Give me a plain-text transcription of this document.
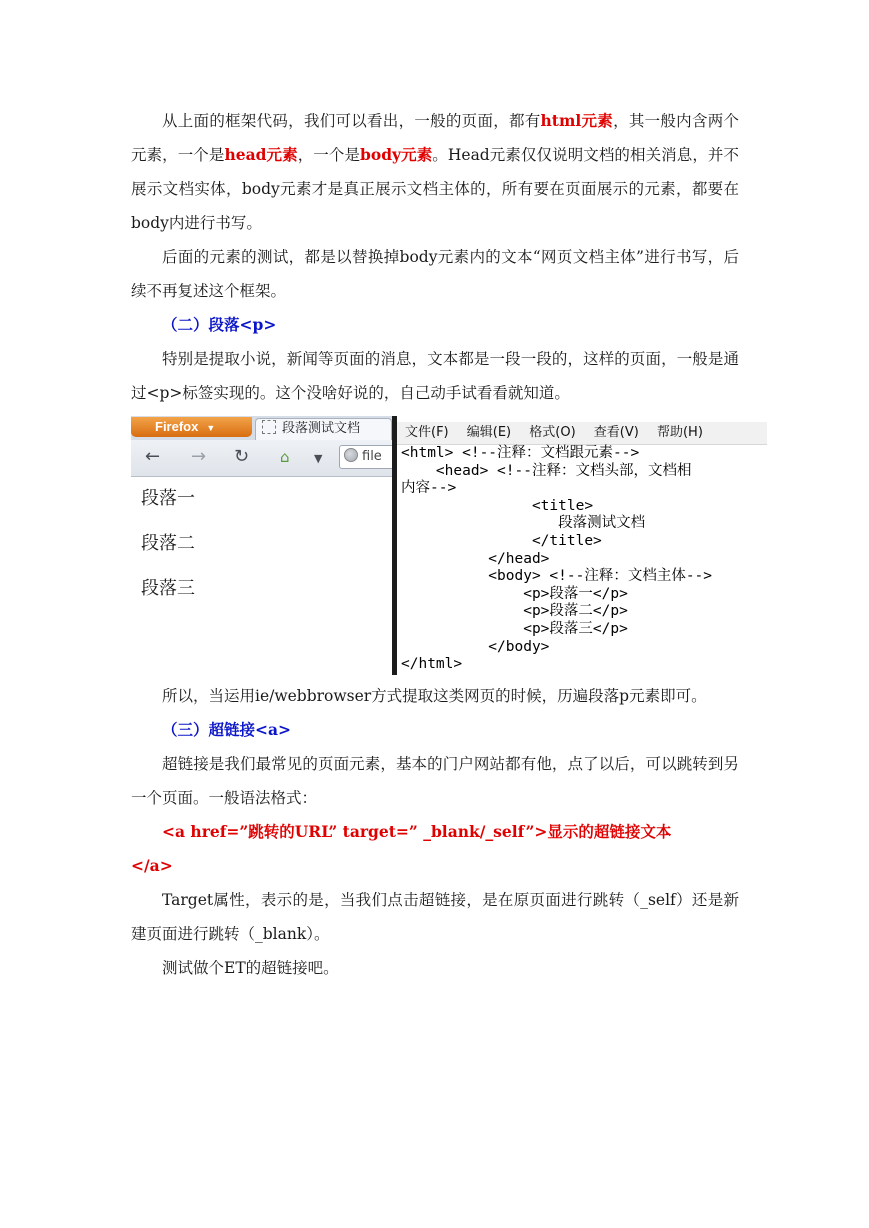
从上面的框架代码，我们可以看出，一般的页面，都有html元素，其一般内含两个元素，一个是head元素，一个是body元素。Head元素仅仅说明文档的相关消息，并不展示文档实体，body元素才是真正展示文档主体的，所有要在页面展示的元素，都要在body内进行书写。

后面的元素的测试，都是以替换掉body元素内的文本“网页文档主体”进行书写，后续不再复述这个框架。

（二）段落<p>

特别是提取小说，新闻等页面的消息，文本都是一段一段的，这样的页面，一般是通过<p>标签实现的。这个没啥好说的，自己动手试看看就知道。

Firefox ▼	段落测试文档
← → ↻ ⌂ ▼	file
段落一
段落二
段落三
文件(F) 编辑(E) 格式(O) 查看(V) 帮助(H)
<html> <!--注释：文档跟元素-->
<head> <!--注释：文档头部，文档相
内容-->
<title>
段落测试文档
</title>
</head>
<body> <!--注释：文档主体-->
<p>段落一</p>
<p>段落二</p>
<p>段落三</p>
</body>
</html>

所以，当运用ie/webbrowser方式提取这类网页的时候，历遍段落p元素即可。

（三）超链接<a>

超链接是我们最常见的页面元素，基本的门户网站都有他，点了以后，可以跳转到另一个页面。一般语法格式：

<a href=”跳转的URL” target=” _blank/_self”>显示的超链接文本

</a>

Target属性，表示的是，当我们点击超链接，是在原页面进行跳转（_self）还是新建页面进行跳转（_blank）。

测试做个ET的超链接吧。
